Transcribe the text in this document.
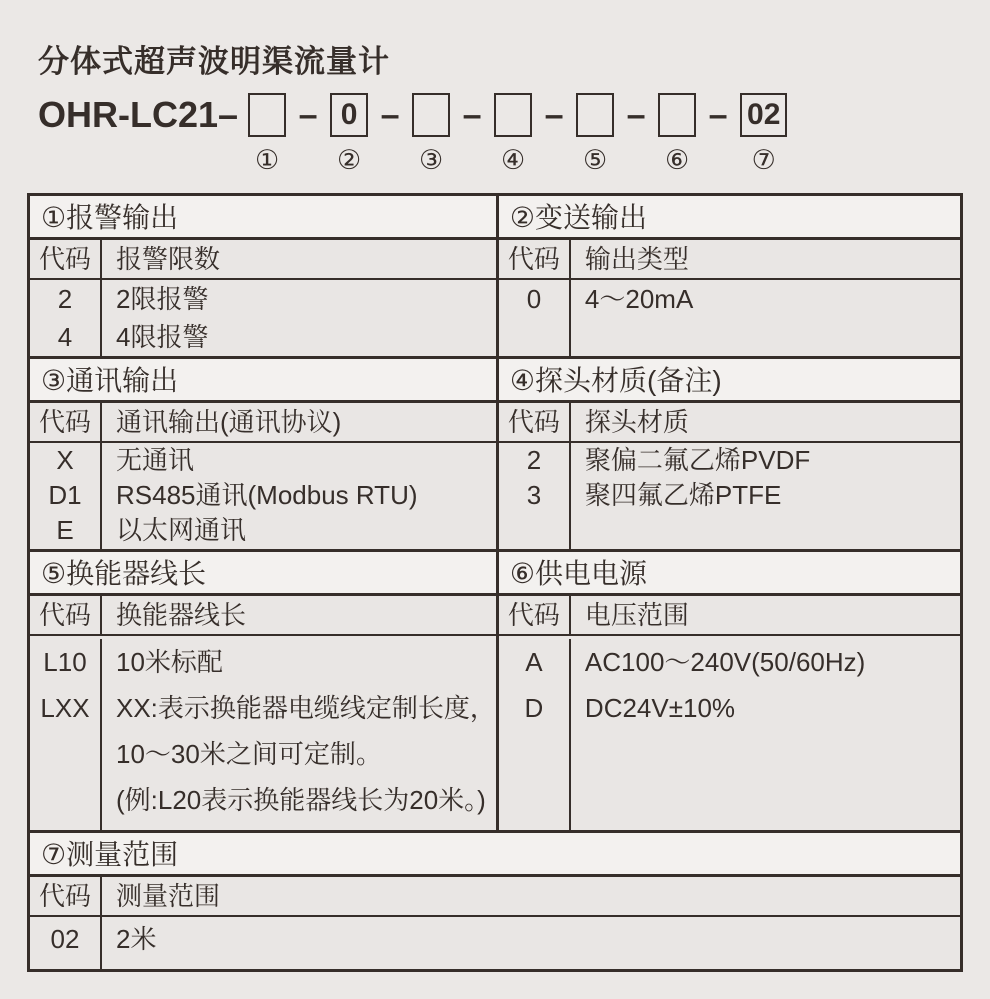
分体式超声波明渠流量计
OHR-LC21–
①
– 0
②
–
③
–
④
–
⑤
–
⑥
– 02
⑦
①报警输出
代码 报警限数
2
4
2限报警
4限报警
②变送输出
代码 输出类型
0	4～20mA
③通讯输出
代码 通讯输出(通讯协议)
X
D1
E
无通讯
RS485通讯(Modbus RTU)
以太网通讯
④探头材质(备注)
代码 探头材质
2
3
聚偏二氟乙烯PVDF
聚四氟乙烯PTFE
⑤换能器线长
代码 换能器线长
L10
LXX
10米标配
XX:表示换能器电缆线定制长度，
10～30米之间可定制。
(例:L20表示换能器线长为20米。)
⑥供电电源
代码 电压范围
A
D
AC100～240V(50/60Hz)
DC24V±10%
⑦测量范围
代码 测量范围
02	2米
